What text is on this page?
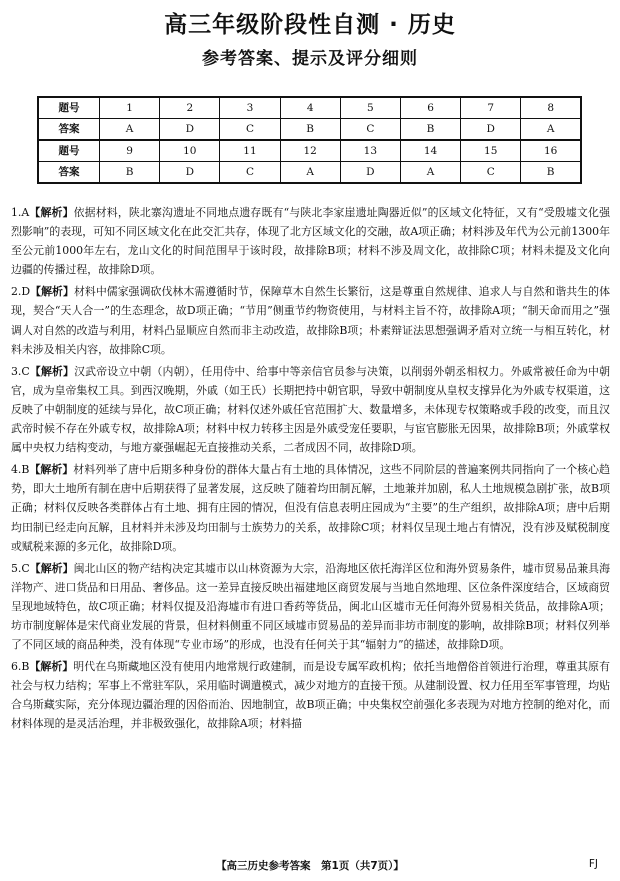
高三年级阶段性自测 · 历史
参考答案、提示及评分细则
题号	1	2	3	4	5	6	7	8
答案	A	D	C	B	C	B	D	A
题号	9	10	11	12	13	14	15	16
答案	B	D	C	A	D	A	C	B

1.A【解析】依据材料，陕北寨沟遗址不同地点遗存既有“与陕北李家崖遗址陶器近似”的区域文化特征，又有“受殷墟文化强烈影响”的表现，可知不同区域文化在此交汇共存，体现了北方区域文化的交融，故A项正确；材料涉及年代为公元前1300年至公元前1000年左右，龙山文化的时间范围早于该时段，故排除B项；材料不涉及周文化，故排除C项；材料未提及文化向边疆的传播过程，故排除D项。

2.D【解析】材料中儒家强调砍伐林木需遵循时节，保障草木自然生长繁衍，这是尊重自然规律、追求人与自然和谐共生的体现，契合“天人合一”的生态理念，故D项正确；“节用”侧重节约物资使用，与材料主旨不符，故排除A项；“制天命而用之”强调人对自然的改造与利用，材料凸显顺应自然而非主动改造，故排除B项；朴素辩证法思想强调矛盾对立统一与相互转化，材料未涉及相关内容，故排除C项。

3.C【解析】汉武帝设立中朝（内朝），任用侍中、给事中等亲信官员参与决策，以削弱外朝丞相权力。外戚常被任命为中朝官，成为皇帝集权工具。到西汉晚期，外戚（如王氏）长期把持中朝官职，导致中朝制度从皇权支撑异化为外戚专权渠道，这反映了中朝制度的延续与异化，故C项正确；材料仅述外戚任官范围扩大、数量增多，未体现专权策略或手段的改变，而且汉武帝时候不存在外戚专权，故排除A项；材料中权力转移主因是外戚受宠任要职，与宦官膨胀无因果，故排除B项；外戚掌权属中央权力结构变动，与地方豪强崛起无直接推动关系，二者成因不同，故排除D项。

4.B【解析】材料列举了唐中后期多种身份的群体大量占有土地的具体情况，这些不同阶层的普遍案例共同指向了一个核心趋势，即大土地所有制在唐中后期获得了显著发展，这反映了随着均田制瓦解，土地兼并加剧，私人土地规模急剧扩张，故B项正确；材料仅反映各类群体占有土地、拥有庄园的情况，但没有信息表明庄园成为“主要”的生产组织，故排除A项；唐中后期均田制已经走向瓦解，且材料并未涉及均田制与士族势力的关系，故排除C项；材料仅呈现土地占有情况，没有涉及赋税制度或赋税来源的多元化，故排除D项。

5.C【解析】闽北山区的物产结构决定其墟市以山林资源为大宗，沿海地区依托海洋区位和海外贸易条件，墟市贸易品兼具海洋物产、进口货品和日用品、奢侈品。这一差异直接反映出福建地区商贸发展与当地自然地理、区位条件深度结合，区域商贸呈现地域特色，故C项正确；材料仅提及沿海墟市有进口香药等货品，闽北山区墟市无任何海外贸易相关货品，故排除A项；坊市制度解体是宋代商业发展的背景，但材料侧重不同区域墟市贸易品的差异而非坊市制度的影响，故排除B项；材料仅列举了不同区域的商品种类，没有体现“专业市场”的形成，也没有任何关于其“辐射力”的描述，故排除D项。

6.B【解析】明代在乌斯藏地区没有使用内地常规行政建制，而是设专属军政机构；依托当地僧俗首领进行治理，尊重其原有社会与权力结构；军事上不常驻军队，采用临时调遣模式，减少对地方的直接干预。从建制设置、权力任用至军事管理，均贴合乌斯藏实际，充分体现边疆治理的因俗而治、因地制宜，故B项正确；中央集权空前强化多表现为对地方控制的绝对化，而材料体现的是灵活治理，并非极致强化，故排除A项；材料描

【高三历史参考答案　第1页（共7页）】	FJ
